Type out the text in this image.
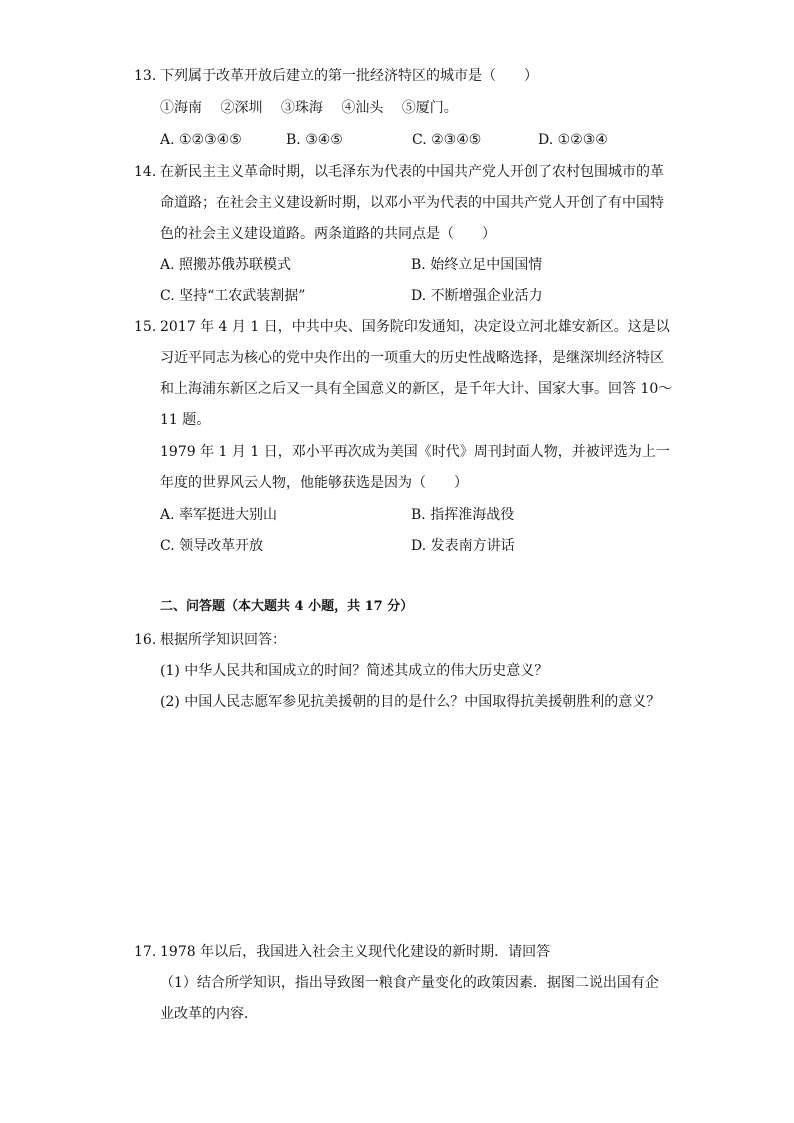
13. 下列属于改革开放后建立的第一批经济特区的城市是（　　）
①海南　 ②深圳　 ③珠海　 ④汕头　 ⑤厦门。
A. ①②③④⑤	B. ③④⑤	C. ②③④⑤	D. ①②③④
14. 在新民主主义革命时期，以毛泽东为代表的中国共产党人开创了农村包围城市的革
命道路；在社会主义建设新时期，以邓小平为代表的中国共产党人开创了有中国特
色的社会主义建设道路。两条道路的共同点是（　　）
A. 照搬苏俄苏联模式	B. 始终立足中国国情
C. 坚持“工农武装割据”	D. 不断增强企业活力
15. 2017 年 4 月 1 日，中共中央、国务院印发通知，决定设立河北雄安新区。这是以
习近平同志为核心的党中央作出的一项重大的历史性战略选择，是继深圳经济特区
和上海浦东新区之后又一具有全国意义的新区，是千年大计、国家大事。回答 10～
11 题。
1979 年 1 月 1 日，邓小平再次成为美国《时代》周刊封面人物，并被评选为上一
年度的世界风云人物，他能够获选是因为（　　）
A. 率军挺进大别山	B. 指挥淮海战役
C. 领导改革开放	D. 发表南方讲话
二、问答题（本大题共 4 小题，共 17 分）
16. 根据所学知识回答：
(1) 中华人民共和国成立的时间？简述其成立的伟大历史意义？
(2) 中国人民志愿军参见抗美援朝的目的是什么？中国取得抗美援朝胜利的意义？
17. 1978 年以后，我国进入社会主义现代化建设的新时期．请回答
（1）结合所学知识，指出导致图一粮食产量变化的政策因素．据图二说出国有企
业改革的内容．
